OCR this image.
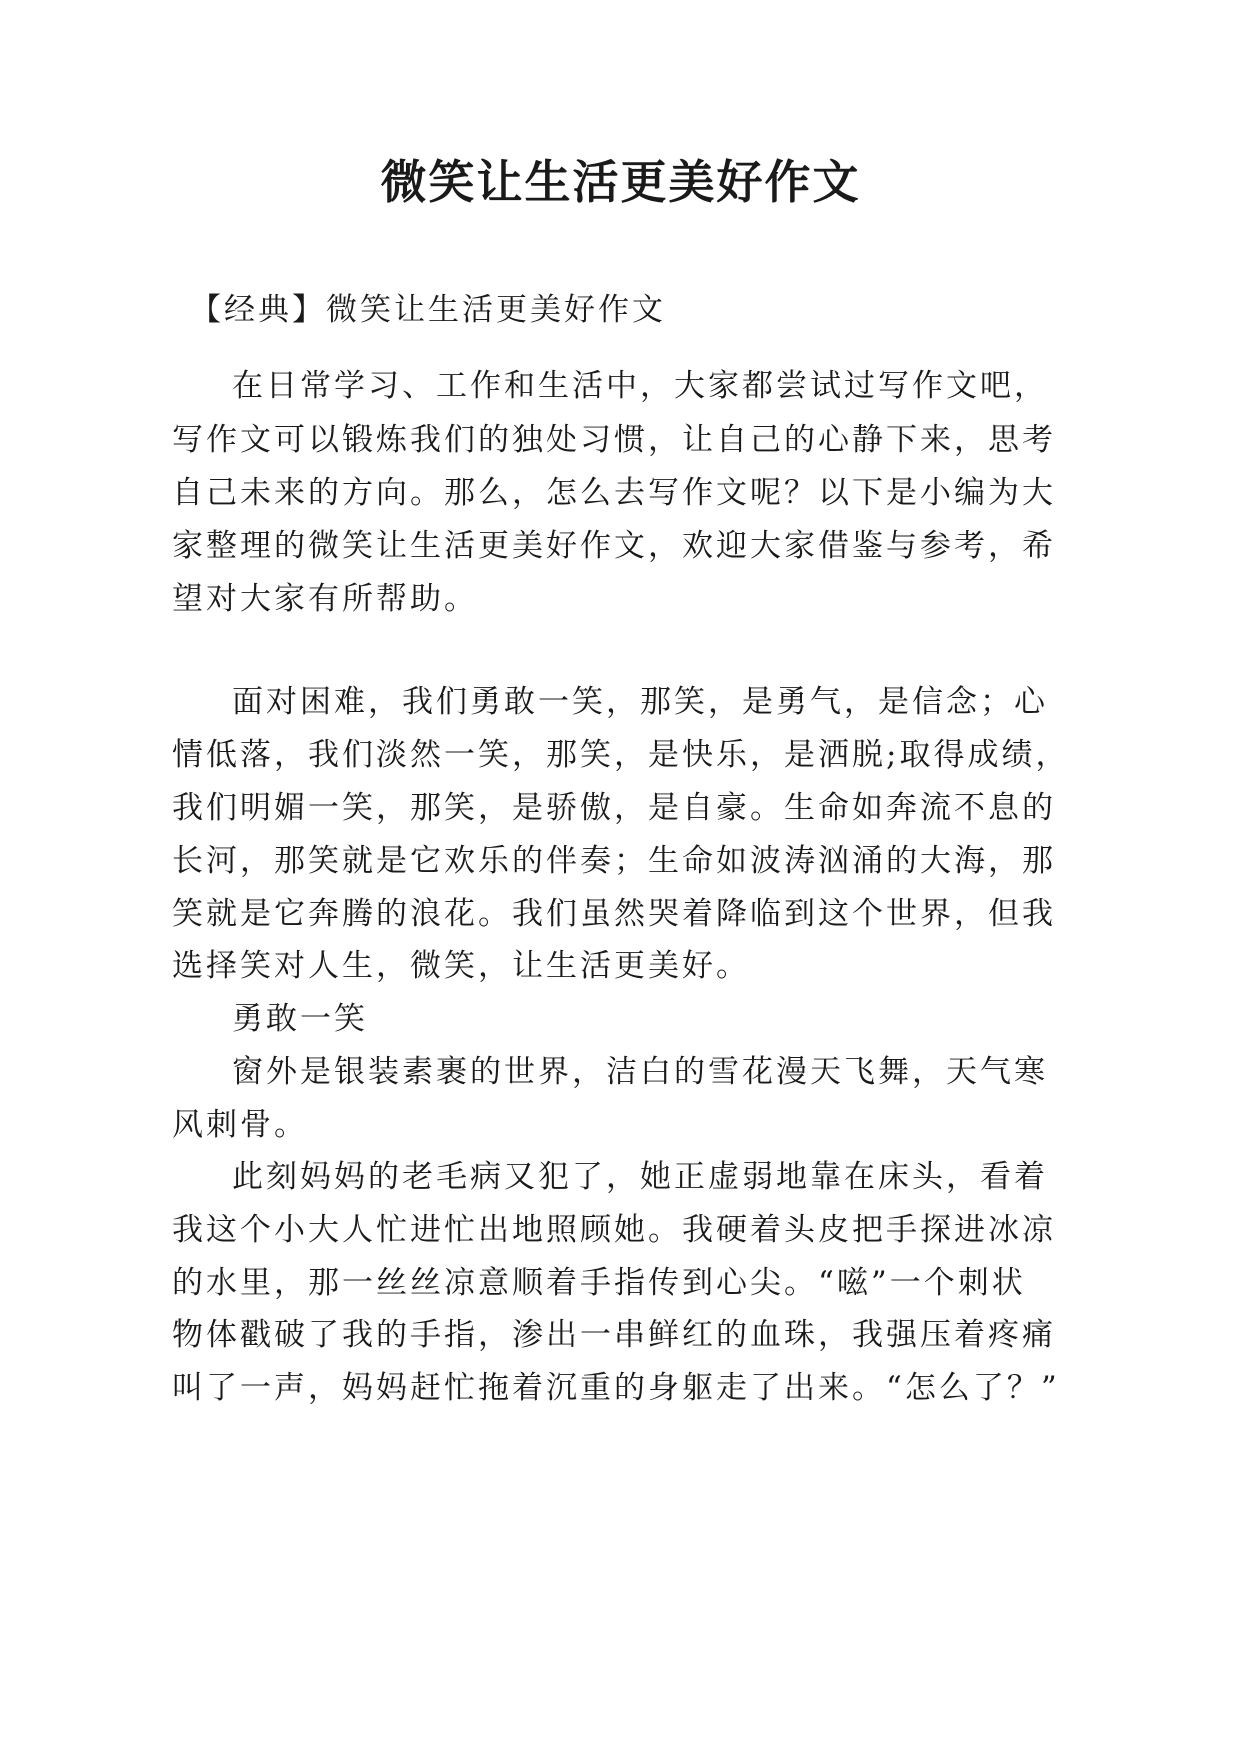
微笑让生活更美好作文
【经典】微笑让生活更美好作文
在日常学习、工作和生活中，大家都尝试过写作文吧，
写作文可以锻炼我们的独处习惯，让自己的心静下来，思考
自己未来的方向。那么，怎么去写作文呢？以下是小编为大
家整理的微笑让生活更美好作文，欢迎大家借鉴与参考，希
望对大家有所帮助。
面对困难，我们勇敢一笑，那笑，是勇气，是信念；心
情低落，我们淡然一笑，那笑，是快乐，是洒脱;取得成绩，
我们明媚一笑，那笑，是骄傲，是自豪。生命如奔流不息的
长河，那笑就是它欢乐的伴奏；生命如波涛汹涌的大海，那
笑就是它奔腾的浪花。我们虽然哭着降临到这个世界，但我
选择笑对人生，微笑，让生活更美好。
勇敢一笑
窗外是银装素裹的世界，洁白的雪花漫天飞舞，天气寒
风刺骨。
此刻妈妈的老毛病又犯了，她正虚弱地靠在床头，看着
我这个小大人忙进忙出地照顾她。我硬着头皮把手探进冰凉
的水里，那一丝丝凉意顺着手指传到心尖。“嗞”一个刺状
物体戳破了我的手指，渗出一串鲜红的血珠，我强压着疼痛
叫了一声，妈妈赶忙拖着沉重的身躯走了出来。“怎么了？”
